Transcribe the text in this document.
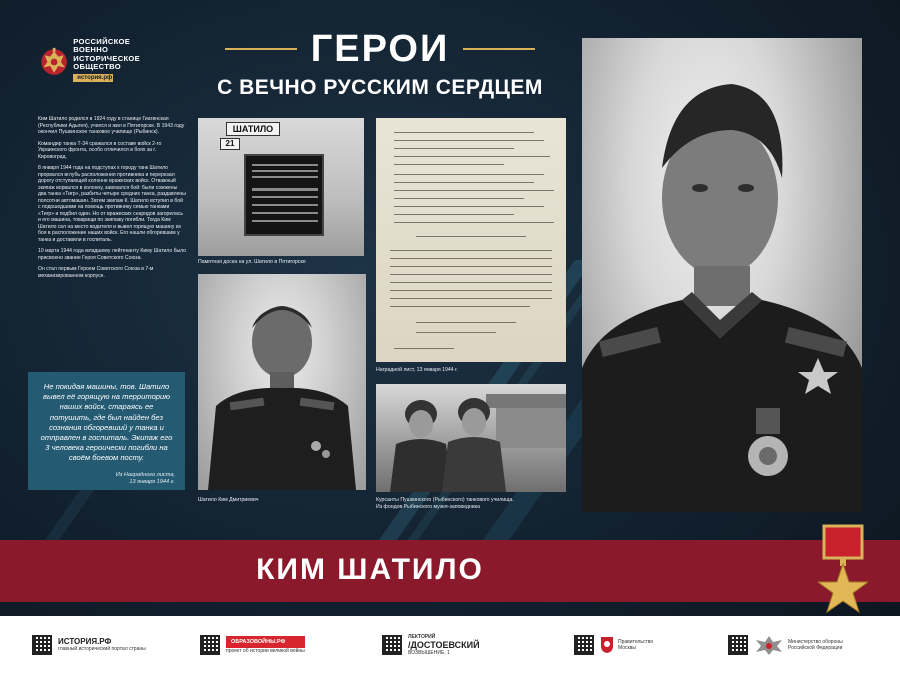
РОССИЙСКОЕ
ВОЕННО
ИСТОРИЧЕСКОЕ
ОБЩЕСТВО
история.рф
ГЕРОИ
С ВЕЧНО РУССКИМ СЕРДЦЕМ

Ким Шатило родился в 1924 году в станице Гиагинская (Республики Адыгея), учился и жил в Пятигорске. В 1943 году окончил Пушкинское танковое училище (Рыбинск).

Командир танка Т-34 сражался в составе войск 2-го Украинского фронта, особо отличился в боях за г. Кировоград.

8 января 1944 года на подступах к городу танк Шатило прорвался вглубь расположения противника и перерезал дорогу отступающей колонне вражеских войск. Отважный экипаж ворвался в колонну, завязался бой: были сожжены два танка «Тигр», разбиты четыре средних танка, раздавлены полсотни автомашин. Затем экипаж К. Шатило вступил в бой с подошедшими на помощь противнику семью танками «Тигр» и подбил один. Но от вражеских снарядов загорелась и его машина, товарищи по экипажу погибли. Тогда Ким Шатило сел на место водителя и вывел горящую машину из боя в расположение наших войск. Его нашли обгоревшим у танка и доставили в госпиталь.

10 марта 1944 года младшему лейтенанту Киму Шатило было присвоено звание Героя Советского Союза.

Он стал первым Героем Советского Союза в 7-м механизированном корпусе.

Не покидая машины, тов. Шатило вывел её горящую на территорию наших войск, стараясь ее потушить, где был найден без сознания обгоревший у танка и отправлен в госпиталь. Экипаж его 3 человека героически погибли на своём боевом посту.
Из Наградного листа,
13 января 1944 г.
ШАТИЛО
21
Памятная доска на ул. Шатило в Пятигорске
Шатило Ким Дмитриевич
Наградной лист, 13 января 1944 г.
Курсанты Пушкинского (Рыбинского) танкового училища.
Из фондов Рыбинского музея-заповедника
КИМ ШАТИЛО
ИСТОРИЯ.РФ
главный исторический портал страны
ОБРАЗОВОЙНЫ.РФ
проект об истории великой войны
ЛЕКТОРИЙ
/ДОСТОЕВСКИЙ
ВОЗВЫШЕНИЕ, 1
Правительство
Москвы
Министерство обороны
Российской Федерации
